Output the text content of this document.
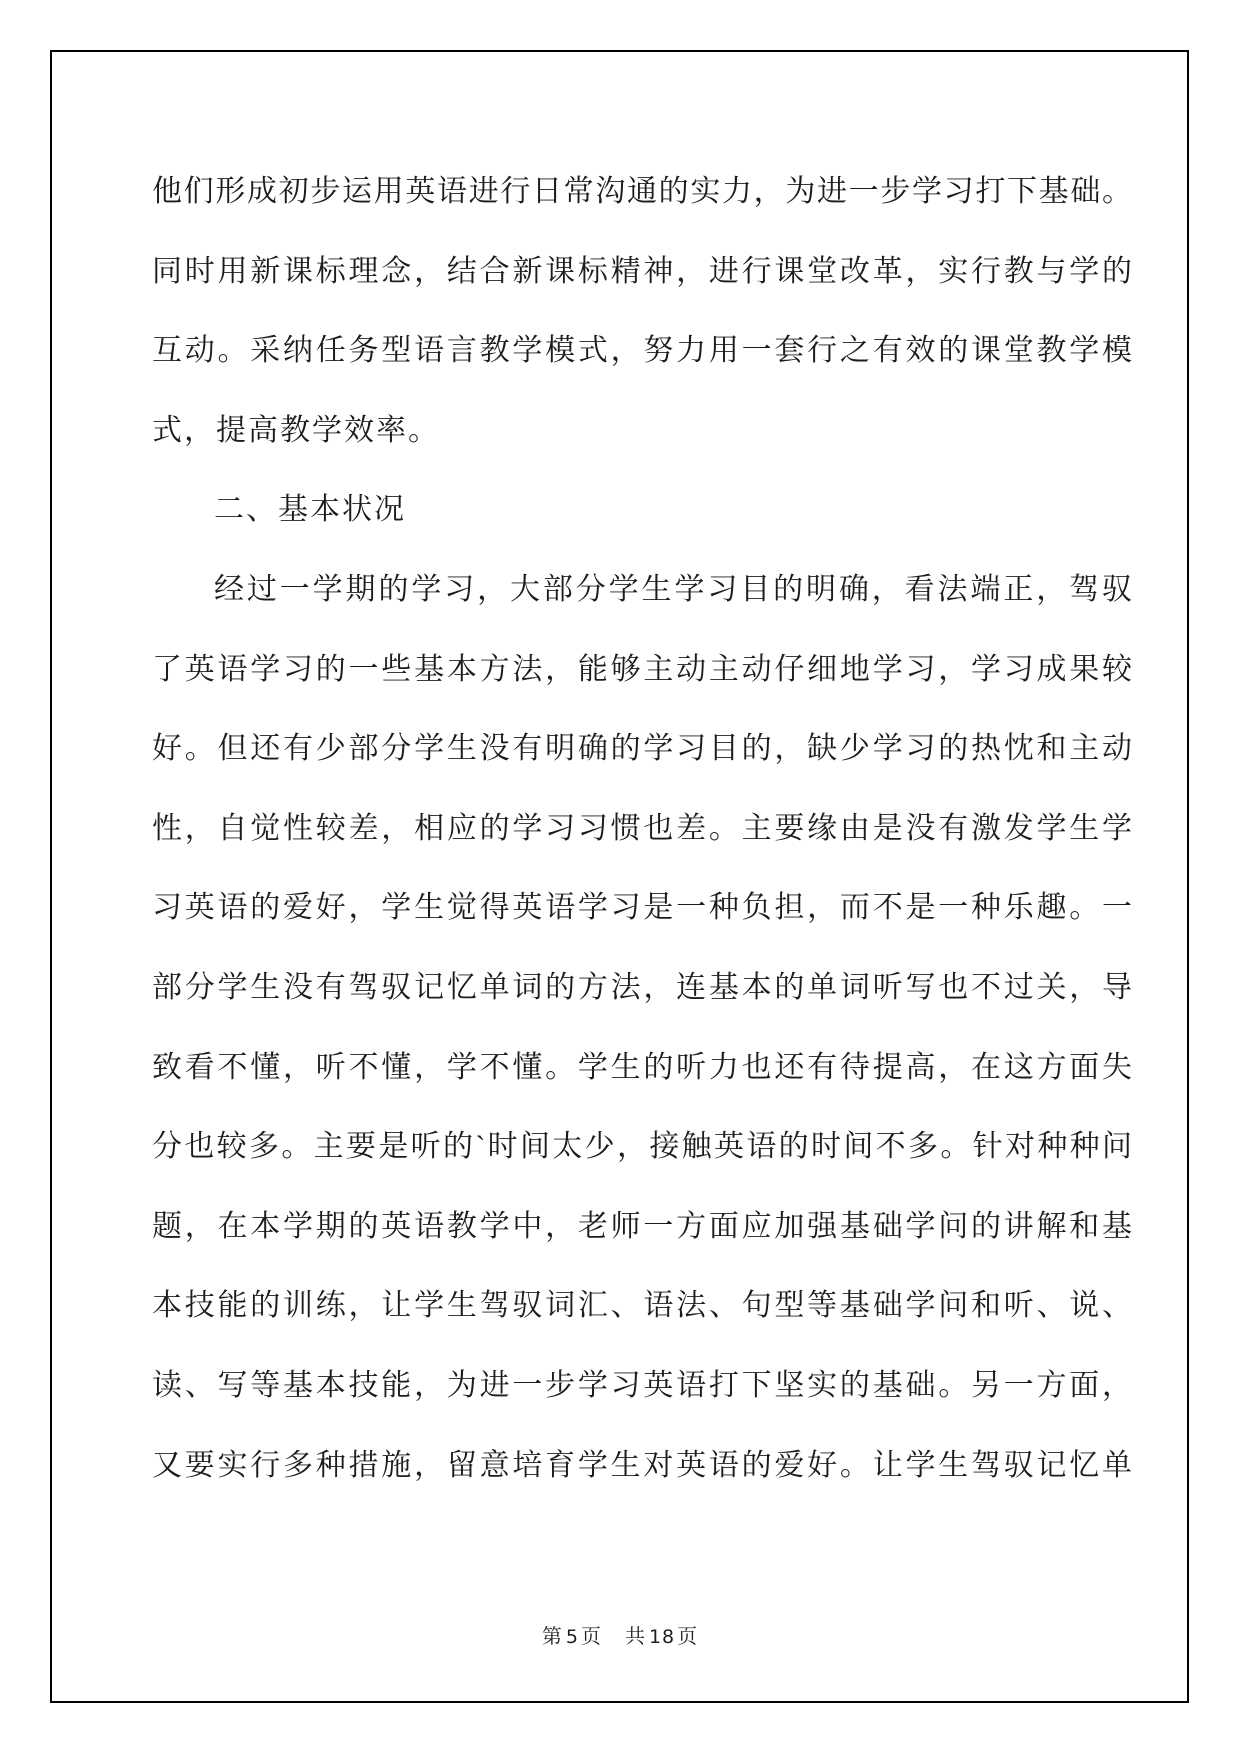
他们形成初步运用英语进行日常沟通的实力，为进一步学习打下基础。
同时用新课标理念，结合新课标精神，进行课堂改革，实行教与学的
互动。采纳任务型语言教学模式，努力用一套行之有效的课堂教学模
式，提高教学效率。
二、基本状况
经过一学期的学习，大部分学生学习目的明确，看法端正，驾驭
了英语学习的一些基本方法，能够主动主动仔细地学习，学习成果较
好。但还有少部分学生没有明确的学习目的，缺少学习的热忱和主动
性，自觉性较差，相应的学习习惯也差。主要缘由是没有激发学生学
习英语的爱好，学生觉得英语学习是一种负担，而不是一种乐趣。一
部分学生没有驾驭记忆单词的方法，连基本的单词听写也不过关，导
致看不懂，听不懂，学不懂。学生的听力也还有待提高，在这方面失
分也较多。主要是听的`时间太少，接触英语的时间不多。针对种种问
题，在本学期的英语教学中，老师一方面应加强基础学问的讲解和基
本技能的训练，让学生驾驭词汇、语法、句型等基础学问和听、说、
读、写等基本技能，为进一步学习英语打下坚实的基础。另一方面，
又要实行多种措施，留意培育学生对英语的爱好。让学生驾驭记忆单
第 5 页 共 18 页
